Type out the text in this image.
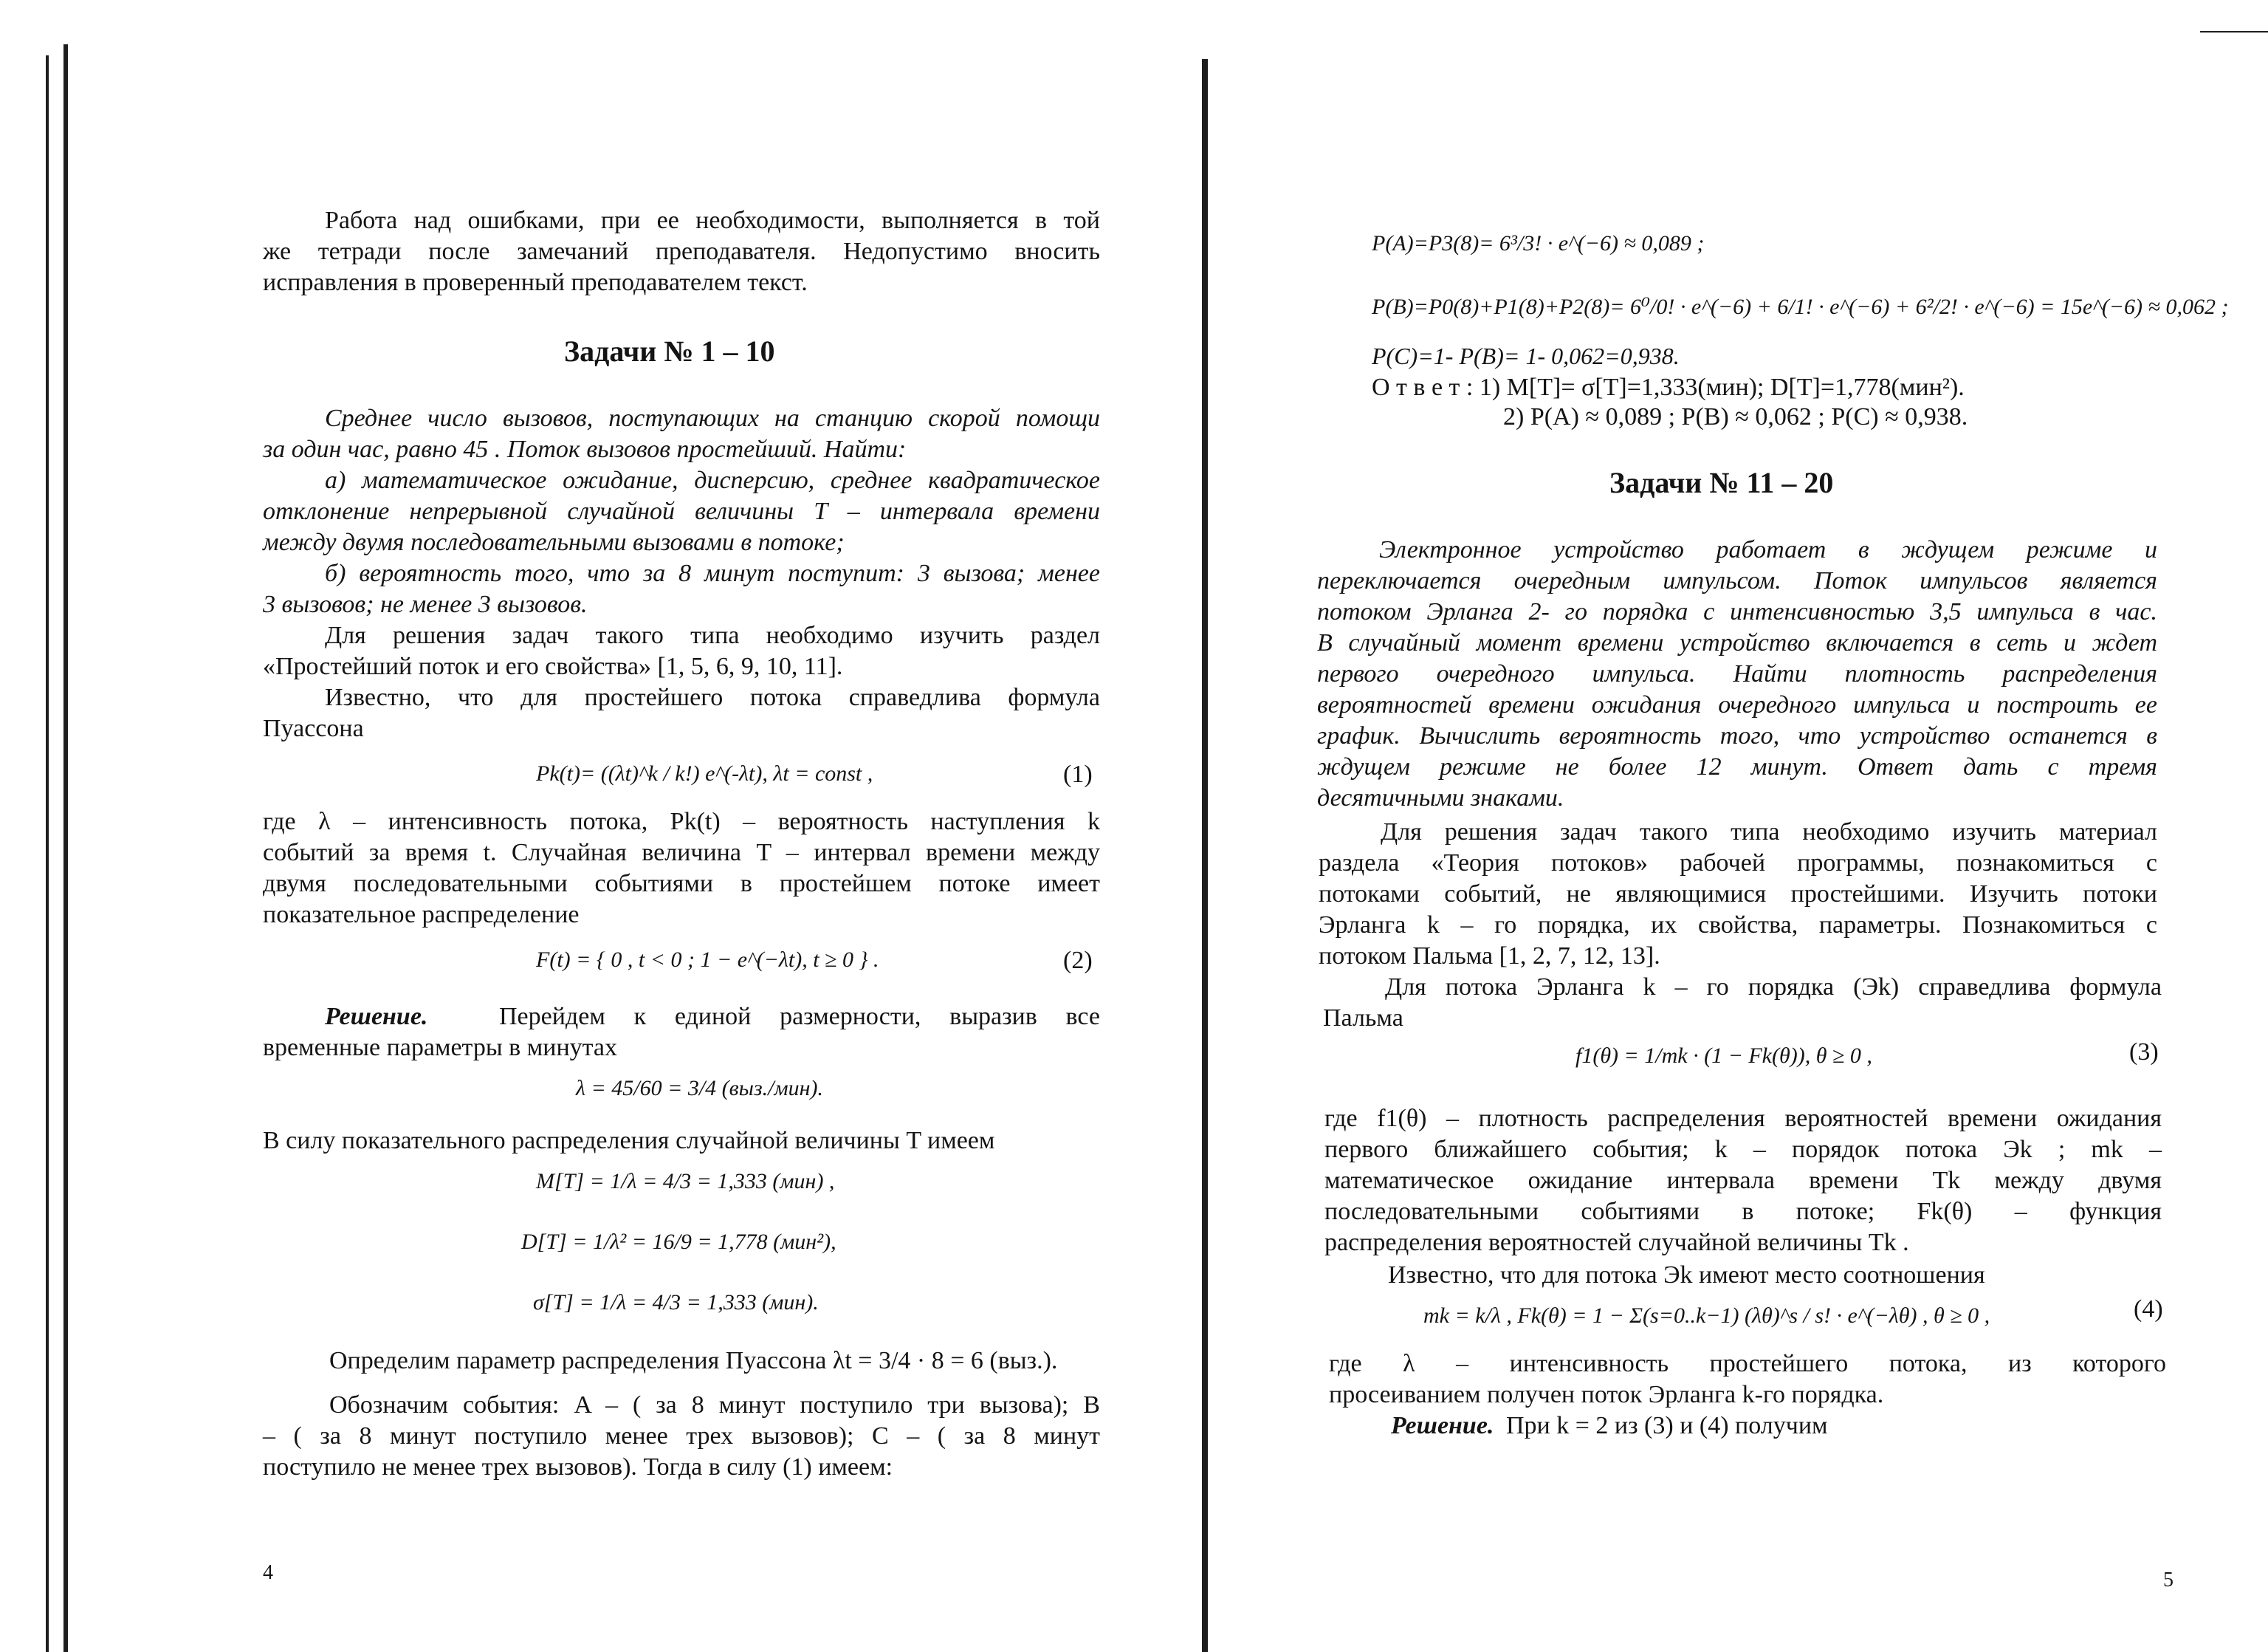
Работа над ошибками, при ее необходимости, выполняется в той
же тетради после замечаний преподавателя. Недопустимо вносить
исправления в проверенный преподавателем текст.
Задачи № 1 – 10
Среднее число вызовов, поступающих на станцию скорой помощи
за один час, равно 45 . Поток вызовов простейший. Найти:
а) математическое ожидание, дисперсию, среднее квадратическое
отклонение непрерывной случайной величины T – интервала времени
между двумя последовательными вызовами в потоке;
б) вероятность того, что за 8 минут поступит: 3 вызова; менее
3 вызовов; не менее 3 вызовов.
Для решения задач такого типа необходимо изучить раздел
«Простейший поток и его свойства» [1, 5, 6, 9, 10, 11].
Известно, что для простейшего потока справедлива формула
Пуассона
Pk(t)= ((λt)^k / k!) e^(-λt), λt = const ,	(1)
где λ – интенсивность потока, Pk(t) – вероятность наступления k
событий за время t. Случайная величина T – интервал времени между
двумя последовательными событиями в простейшем потоке имеет
показательное распределение
F(t) = { 0 , t < 0 ; 1 − e^(−λt), t ≥ 0 } .	(2)
Решение.	Перейдем к единой размерности, выразив все
временные параметры в минутах
λ = 45/60 = 3/4 (выз./мин).
В силу показательного распределения случайной величины T имеем
M[T] = 1/λ = 4/3 = 1,333 (мин) ,
D[T] = 1/λ² = 16/9 = 1,778 (мин²),
σ[T] = 1/λ = 4/3 = 1,333 (мин).
Определим параметр распределения Пуассона λt = 3/4 · 8 = 6 (выз.).
Обозначим события: A – ( за 8 минут поступило три вызова); B
– ( за 8 минут поступило менее трех вызовов); C – ( за 8 минут
поступило не менее трех вызовов). Тогда в силу (1) имеем:
4
P(A)=P3(8)= 6³/3! · e^(−6) ≈ 0,089 ;
P(B)=P0(8)+P1(8)+P2(8)= 6⁰/0! · e^(−6) + 6/1! · e^(−6) + 6²/2! · e^(−6) = 15e^(−6) ≈ 0,062 ;
P(C)=1- P(B)= 1- 0,062=0,938.
О т в е т : 1) M[T]= σ[T]=1,333(мин); D[T]=1,778(мин²).
2) P(A) ≈ 0,089 ; P(B) ≈ 0,062 ; P(C) ≈ 0,938.
Задачи № 11 – 20
Электронное устройство работает в ждущем режиме и
переключается очередным импульсом. Поток импульсов является
потоком Эрланга 2- го порядка с интенсивностью 3,5 импульса в час.
В случайный момент времени устройство включается в сеть и ждет
первого очередного импульса. Найти плотность распределения
вероятностей времени ожидания очередного импульса и построить ее
график. Вычислить вероятность того, что устройство останется в
ждущем режиме не более 12 минут. Ответ дать с тремя
десятичными знаками.
Для решения задач такого типа необходимо изучить материал
раздела «Теория потоков» рабочей программы, познакомиться с
потоками событий, не являющимися простейшими. Изучить потоки
Эрланга k – го порядка, их свойства, параметры. Познакомиться с
потоком Пальма [1, 2, 7, 12, 13].
Для потока Эрланга k – го порядка (Эk) справедлива формула
Пальма
f1(θ) = 1/mk · (1 − Fk(θ)), θ ≥ 0 ,	(3)
где f1(θ) – плотность распределения вероятностей времени ожидания
первого ближайшего события; k – порядок потока Эk ; mk –
математическое ожидание интервала времени Tk между двумя
последовательными событиями в потоке; Fk(θ) – функция
распределения вероятностей случайной величины Tk .
Известно, что для потока Эk имеют место соотношения
mk = k/λ , Fk(θ) = 1 − Σ(s=0..k−1) (λθ)^s / s! · e^(−λθ) , θ ≥ 0 ,	(4)
где λ – интенсивность простейшего потока, из которого
просеиванием получен поток Эрланга k-го порядка.
Решение. При k = 2 из (3) и (4) получим
5
